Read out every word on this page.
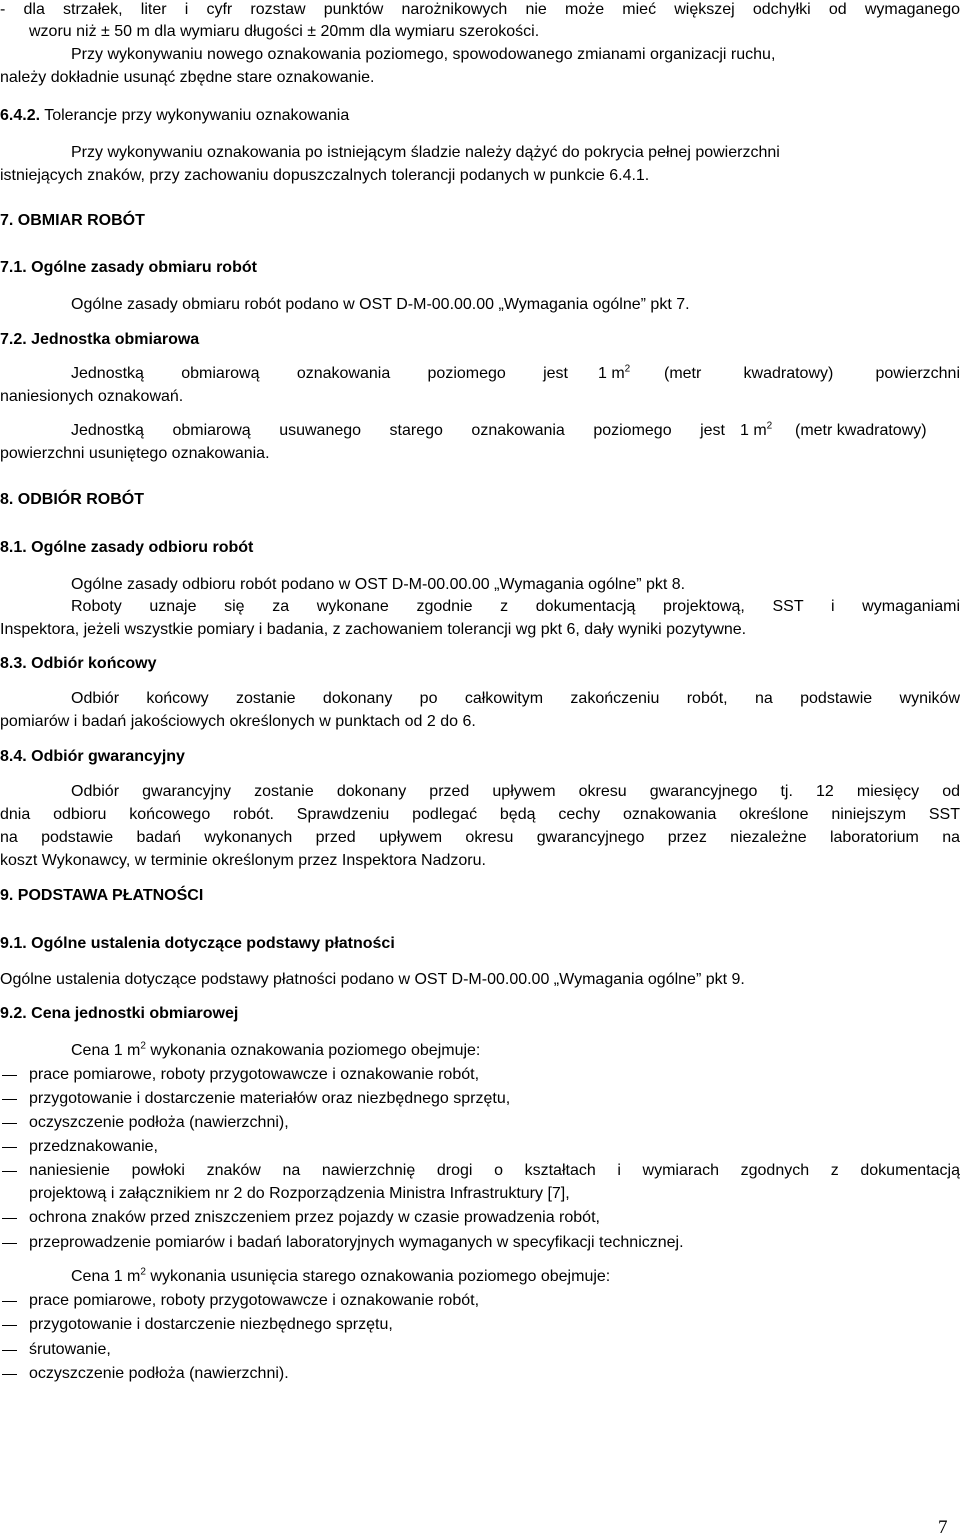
- dla strzałek, liter i cyfr rozstaw punktów narożnikowych nie może mieć większej odchyłki od wymaganego
wzoru niż ± 50 m dla wymiaru długości ± 20mm dla wymiaru szerokości.
Przy wykonywaniu nowego oznakowania poziomego, spowodowanego zmianami organizacji ruchu,
należy dokładnie usunąć zbędne stare oznakowanie.
6.4.2. Tolerancje przy wykonywaniu oznakowania
Przy wykonywaniu oznakowania po istniejącym śladzie należy dążyć do pokrycia pełnej powierzchni
istniejących znaków, przy zachowaniu dopuszczalnych tolerancji podanych w punkcie 6.4.1.
7. OBMIAR ROBÓT
7.1. Ogólne zasady obmiaru robót
Ogólne zasady obmiaru robót podano w OST D-M-00.00.00 „Wymagania ogólne” pkt 7.
7.2. Jednostka obmiarowa
Jednostką obmiarową oznakowania poziomego jest 1 $m^2$ (metr kwadratowy) powierzchni
naniesionych oznakowań.
Jednostką obmiarową usuwanego starego oznakowania poziomego jest 1 $m^2$ (metr kwadratowy)
powierzchni usuniętego oznakowania.
8. ODBIÓR ROBÓT
8.1. Ogólne zasady odbioru robót
Ogólne zasady odbioru robót podano w OST D-M-00.00.00 „Wymagania ogólne” pkt 8.
Roboty uznaje się za wykonane zgodnie z dokumentacją projektową, SST i wymaganiami
Inspektora, jeżeli wszystkie pomiary i badania, z zachowaniem tolerancji wg pkt 6, dały wyniki pozytywne.
8.3. Odbiór końcowy
Odbiór końcowy zostanie dokonany po całkowitym zakończeniu robót, na podstawie wyników
pomiarów i badań jakościowych określonych w punktach od 2 do 6.
8.4. Odbiór gwarancyjny
Odbiór gwarancyjny zostanie dokonany przed upływem okresu gwarancyjnego tj. 12 miesięcy od
dnia odbioru końcowego robót. Sprawdzeniu podlegać będą cechy oznakowania określone niniejszym SST
na podstawie badań wykonanych przed upływem okresu gwarancyjnego przez niezależne laboratorium na
koszt Wykonawcy, w terminie określonym przez Inspektora Nadzoru.
9. PODSTAWA PŁATNOŚCI
9.1. Ogólne ustalenia dotyczące podstawy płatności
Ogólne ustalenia dotyczące podstawy płatności podano w OST D-M-00.00.00 „Wymagania ogólne” pkt 9.
9.2. Cena jednostki obmiarowej
Cena 1 $m^2$ wykonania oznakowania poziomego obejmuje:
prace pomiarowe, roboty przygotowawcze i oznakowanie robót,
przygotowanie i dostarczenie materiałów oraz niezbędnego sprzętu,
oczyszczenie podłoża (nawierzchni),
przedznakowanie,
naniesienie powłoki znaków na nawierzchnię drogi o kształtach i wymiarach zgodnych z dokumentacją
projektową i załącznikiem nr 2 do Rozporządzenia Ministra Infrastruktury [7],
ochrona znaków przed zniszczeniem przez pojazdy w czasie prowadzenia robót,
przeprowadzenie pomiarów i badań laboratoryjnych wymaganych w specyfikacji technicznej.
Cena 1 $m^2$ wykonania usunięcia starego oznakowania poziomego obejmuje:
prace pomiarowe, roboty przygotowawcze i oznakowanie robót,
przygotowanie i dostarczenie niezbędnego sprzętu,
śrutowanie,
oczyszczenie podłoża (nawierzchni).
7
